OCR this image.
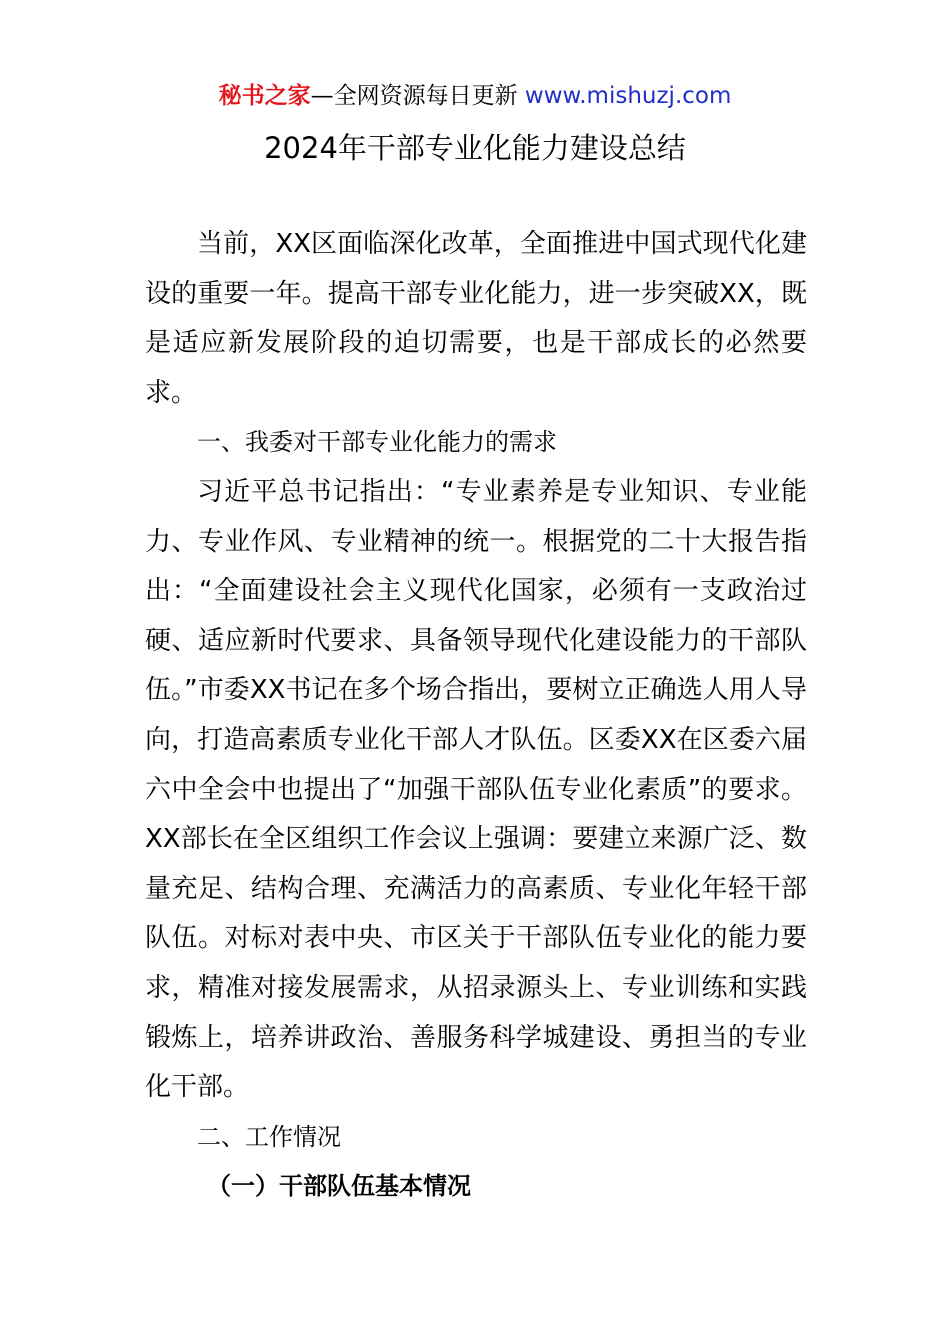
秘书之家—全网资源每日更新 www.mishuzj.com
2024年干部专业化能力建设总结

当前，XX区面临深化改革，全面推进中国式现代化建设的重要一年。提高干部专业化能力，进一步突破XX，既是适应新发展阶段的迫切需要，也是干部成长的必然要求。

一、我委对干部专业化能力的需求

习近平总书记指出：“专业素养是专业知识、专业能力、专业作风、专业精神的统一。根据党的二十大报告指出：“全面建设社会主义现代化国家，必须有一支政治过硬、适应新时代要求、具备领导现代化建设能力的干部队伍。”市委XX书记在多个场合指出，要树立正确选人用人导向，打造高素质专业化干部人才队伍。区委XX在区委六届六中全会中也提出了“加强干部队伍专业化素质”的要求。XX部长在全区组织工作会议上强调：要建立来源广泛、数量充足、结构合理、充满活力的高素质、专业化年轻干部队伍。对标对表中央、市区关于干部队伍专业化的能力要求，精准对接发展需求，从招录源头上、专业训练和实践锻炼上，培养讲政治、善服务科学城建设、勇担当的专业化干部。

二、工作情况

（一）干部队伍基本情况
